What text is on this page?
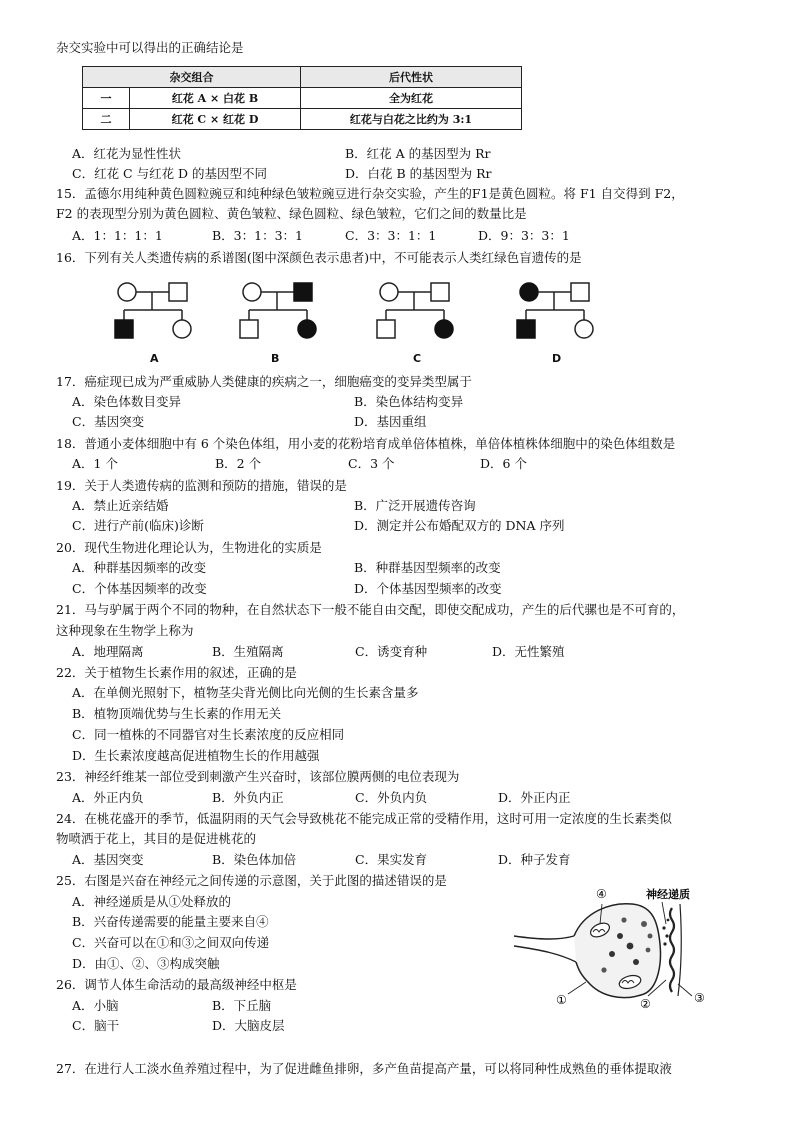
杂交实验中可以得出的正确结论是
杂交组合		后代性状
一	红花 A × 白花 B	全为红花
二	红花 C × 红花 D	红花与白花之比约为 3:1
A．红花为显性性状	B．红花 A 的基因型为 Rr
C．红花 C 与红花 D 的基因型不同	D．白花 B 的基因型为 Rr
15．孟德尔用纯种黄色圆粒豌豆和纯种绿色皱粒豌豆进行杂交实验，产生的F1是黄色圆粒。将 F1 自交得到 F2，
F2 的表现型分别为黄色圆粒、黄色皱粒、绿色圆粒、绿色皱粒，它们之间的数量比是
A．1：1：1：1	B．3：1：3：1	C．3：3：1：1	D．9：3：3：1
16．下列有关人类遗传病的系谱图(图中深颜色表示患者)中，不可能表示人类红绿色盲遗传的是
A	B	C	D
17．癌症现已成为严重威胁人类健康的疾病之一，细胞癌变的变异类型属于
A．染色体数目变异	B．染色体结构变异
C．基因突变	D．基因重组
18．普通小麦体细胞中有 6 个染色体组，用小麦的花粉培育成单倍体植株，单倍体植株体细胞中的染色体组数是
A．1 个	B．2 个	C．3 个	D．6 个
19．关于人类遗传病的监测和预防的措施，错误的是
A．禁止近亲结婚	B．广泛开展遗传咨询
C．进行产前(临床)诊断	D．测定并公布婚配双方的 DNA 序列
20．现代生物进化理论认为，生物进化的实质是
A．种群基因频率的改变	B．种群基因型频率的改变
C．个体基因频率的改变	D．个体基因型频率的改变
21．马与驴属于两个不同的物种，在自然状态下一般不能自由交配，即使交配成功，产生的后代骡也是不可育的，
这种现象在生物学上称为
A．地理隔离	B．生殖隔离	C．诱变育种	D．无性繁殖
22．关于植物生长素作用的叙述，正确的是
A．在单侧光照射下，植物茎尖背光侧比向光侧的生长素含量多
B．植物顶端优势与生长素的作用无关
C．同一植株的不同器官对生长素浓度的反应相同
D．生长素浓度越高促进植物生长的作用越强
23．神经纤维某一部位受到刺激产生兴奋时，该部位膜两侧的电位表现为
A．外正内负	B．外负内正	C．外负内负	D．外正内正
24．在桃花盛开的季节，低温阴雨的天气会导致桃花不能完成正常的受精作用，这时可用一定浓度的生长素类似
物喷洒于花上，其目的是促进桃花的
A．基因突变	B．染色体加倍	C．果实发育	D．种子发育
25．右图是兴奋在神经元之间传递的示意图，关于此图的描述错误的是
A．神经递质是从①处释放的
B．兴奋传递需要的能量主要来自④
C．兴奋可以在①和③之间双向传递
D．由①、②、③构成突触
26．调节人体生命活动的最高级神经中枢是
A．小脑	B．下丘脑
C．脑干	D．大脑皮层
27．在进行人工淡水鱼养殖过程中，为了促进雌鱼排卵，多产鱼苗提高产量，可以将同种性成熟鱼的垂体提取液
④	神经递质
①	②	③
